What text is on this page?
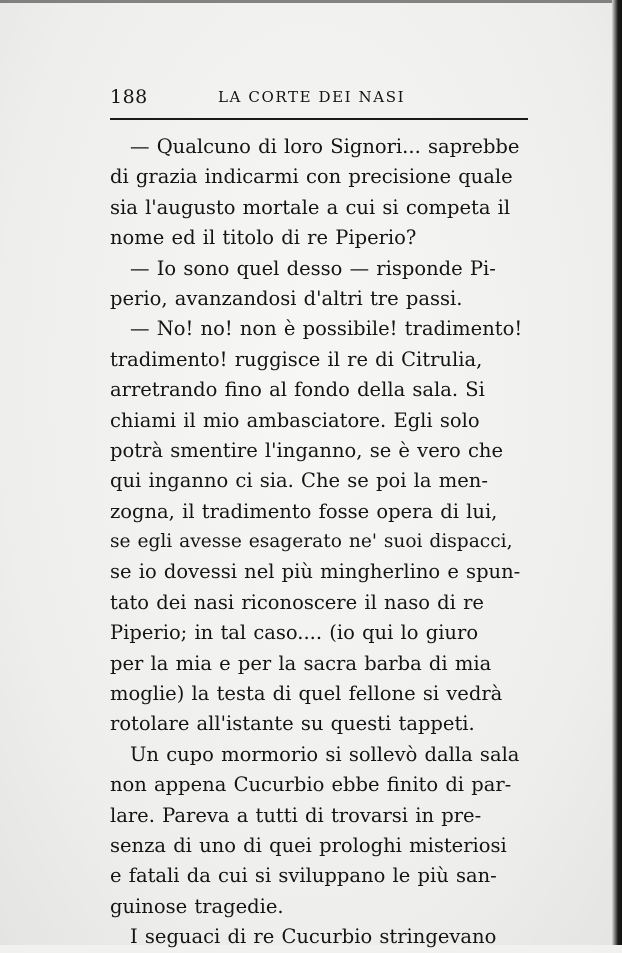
188	LA CORTE DEI NASI
— Qualcuno di loro Signori... saprebbe
di grazia indicarmi con precisione quale
sia l'augusto mortale a cui si competa il
nome ed il titolo di re Piperio?
— Io sono quel desso — risponde Pi-
perio, avanzandosi d'altri tre passi.
— No! no! non è possibile! tradimento!
tradimento! ruggisce il re di Citrulia,
arretrando fino al fondo della sala. Si
chiami il mio ambasciatore. Egli solo
potrà smentire l'inganno, se è vero che
qui inganno ci sia. Che se poi la men-
zogna, il tradimento fosse opera di lui,
se egli avesse esagerato ne' suoi dispacci,
se io dovessi nel più mingherlino e spun-
tato dei nasi riconoscere il naso di re
Piperio; in tal caso.... (io qui lo giuro
per la mia e per la sacra barba di mia
moglie) la testa di quel fellone si vedrà
rotolare all'istante su questi tappeti.
Un cupo mormorio si sollevò dalla sala
non appena Cucurbio ebbe finito di par-
lare. Pareva a tutti di trovarsi in pre-
senza di uno di quei prologhi misteriosi
e fatali da cui si sviluppano le più san-
guinose tragedie.
I seguaci di re Cucurbio stringevano
